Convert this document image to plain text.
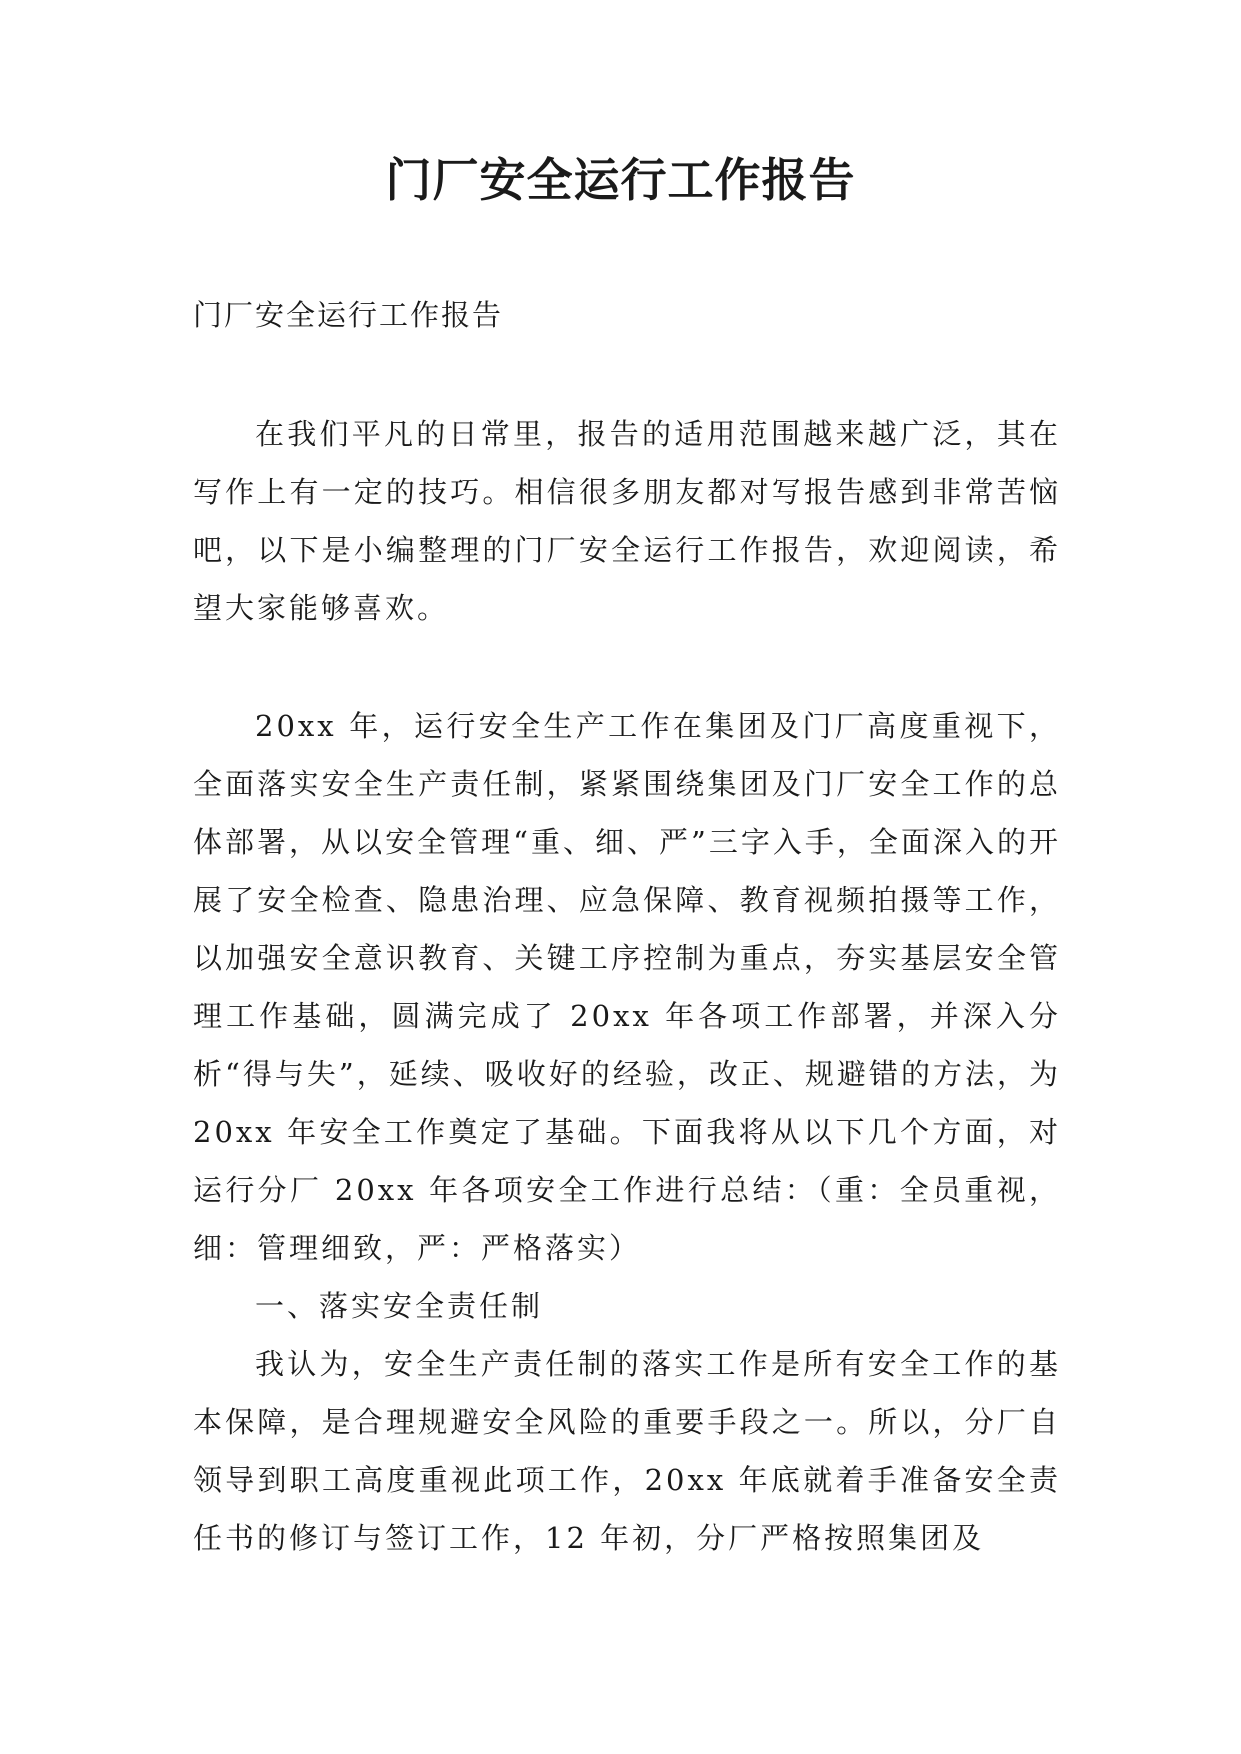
门厂安全运行工作报告

门厂安全运行工作报告

在我们平凡的日常里，报告的适用范围越来越广泛，其在写作上有一定的技巧。相信很多朋友都对写报告感到非常苦恼吧，以下是小编整理的门厂安全运行工作报告，欢迎阅读，希望大家能够喜欢。

20xx 年，运行安全生产工作在集团及门厂高度重视下，全面落实安全生产责任制，紧紧围绕集团及门厂安全工作的总体部署，从以安全管理“重、细、严”三字入手，全面深入的开展了安全检查、隐患治理、应急保障、教育视频拍摄等工作，以加强安全意识教育、关键工序控制为重点，夯实基层安全管理工作基础，圆满完成了 20xx 年各项工作部署，并深入分析“得与失”，延续、吸收好的经验，改正、规避错的方法，为 20xx 年安全工作奠定了基础。下面我将从以下几个方面，对运行分厂 20xx 年各项安全工作进行总结：（重：全员重视，细：管理细致，严：严格落实）

一、落实安全责任制

我认为，安全生产责任制的落实工作是所有安全工作的基本保障，是合理规避安全风险的重要手段之一。所以，分厂自领导到职工高度重视此项工作，20xx 年底就着手准备安全责任书的修订与签订工作，12 年初，分厂严格按照集团及
